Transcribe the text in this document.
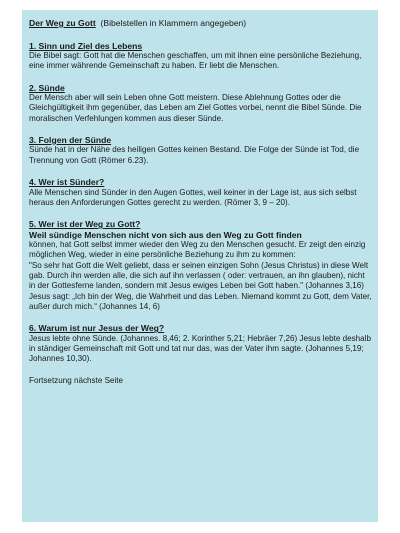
Der Weg zu Gott (Bibelstellen in Klammern angegeben)
1. Sinn und Ziel des Lebens

Die Bibel sagt: Gott hat die Menschen geschaffen, um mit ihnen eine persönliche Beziehung, eine immer währende Gemeinschaft zu haben. Er liebt die Menschen.

2. Sünde

Der Mensch aber will sein Leben ohne Gott meistern. Diese Ablehnung Gottes oder die Gleichgültigkeit ihm gegenüber, das Leben am Ziel Gottes vorbei, nennt die Bibel Sünde. Die moralischen Verfehlungen kommen aus dieser Sünde.

3. Folgen der Sünde

Sünde hat in der Nähe des heiligen Gottes keinen Bestand. Die Folge der Sünde ist Tod, die Trennung von Gott (Römer 6.23).

4. Wer ist Sünder?

Alle Menschen sind Sünder in den Augen Gottes, weil keiner in der Lage ist, aus sich selbst heraus den Anforderungen Gottes gerecht zu werden. (Römer 3, 9 – 20).

5. Wer ist der Weg zu Gott?
Weil sündige Menschen nicht von sich aus den Weg zu Gott finden

können, hat Gott selbst immer wieder den Weg zu den Menschen gesucht. Er zeigt den einzig möglichen Weg, wieder in eine persönliche Beziehung zu ihm zu kommen:

"So sehr hat Gott die Welt geliebt, dass er seinen einzigen Sohn (Jesus Christus) in diese Welt gab. Durch ihn werden alle, die sich auf ihn verlassen ( oder: vertrauen, an ihn glauben), nicht in der Gottesferne landen, sondern mit Jesus ewiges Leben bei Gott haben." (Johannes 3,16)

Jesus sagt: „Ich bin der Weg, die Wahrheit und das Leben. Niemand kommt zu Gott, dem Vater, außer durch mich.“ (Johannes 14, 6)

6. Warum ist nur Jesus der Weg?

Jesus lebte ohne Sünde. (Johannes. 8,46; 2. Korinther 5,21; Hebräer 7,26) Jesus lebte deshalb in ständiger Gemeinschaft mit Gott und tat nur das, was der Vater ihm sagte. (Johannes 5,19; Johannes 10,30).

Fortsetzung nächste Seite
